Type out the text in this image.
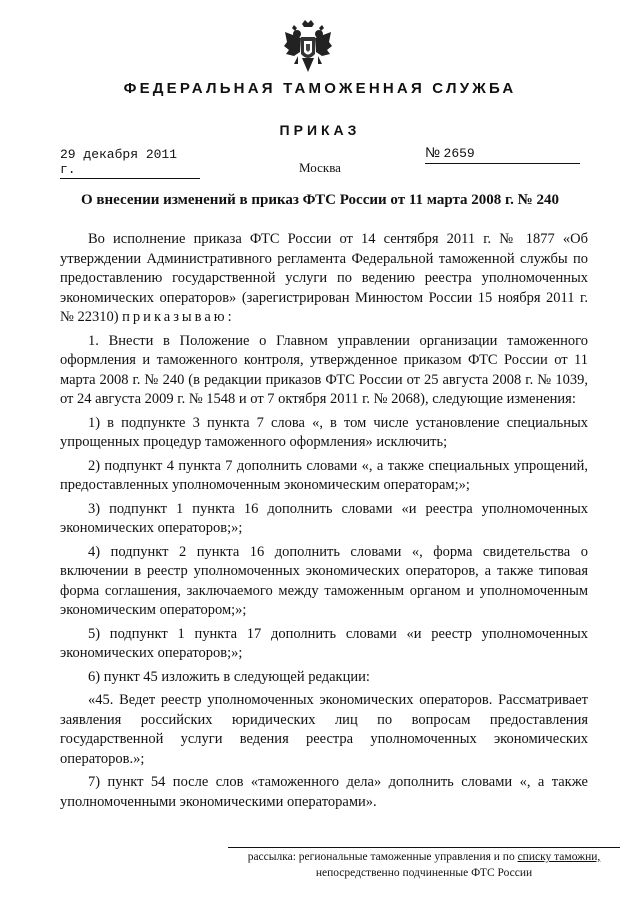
ФЕДЕРАЛЬНАЯ ТАМОЖЕННАЯ СЛУЖБА
ПРИКАЗ
29 декабря 2011 г.
№ 2659
Москва
О внесении изменений в приказ ФТС России от 11 марта 2008 г. № 240

Во исполнение приказа ФТС России от 14 сентября 2011 г. № 1877 «Об утверждении Административного регламента Федеральной таможенной службы по предоставлению государственной услуги по ведению реестра уполномоченных экономических операторов» (зарегистрирован Минюстом России 15 ноября 2011 г. № 22310) приказываю:

1. Внести в Положение о Главном управлении организации таможенного оформления и таможенного контроля, утвержденное приказом ФТС России от 11 марта 2008 г. № 240 (в редакции приказов ФТС России от 25 августа 2008 г. № 1039, от 24 августа 2009 г. № 1548 и от 7 октября 2011 г. № 2068), следующие изменения:

1) в подпункте 3 пункта 7 слова «, в том числе установление специальных упрощенных процедур таможенного оформления» исключить;

2) подпункт 4 пункта 7 дополнить словами «, а также специальных упрощений, предоставленных уполномоченным экономическим операторам;»;

3) подпункт 1 пункта 16 дополнить словами «и реестра уполномоченных экономических операторов;»;

4) подпункт 2 пункта 16 дополнить словами «, форма свидетельства о включении в реестр уполномоченных экономических операторов, а также типовая форма соглашения, заключаемого между таможенным органом и уполномоченным экономическим оператором;»;

5) подпункт 1 пункта 17 дополнить словами «и реестр уполномоченных экономических операторов;»;

6) пункт 45 изложить в следующей редакции:

«45. Ведет реестр уполномоченных экономических операторов. Рассматривает заявления российских юридических лиц по вопросам предоставления государственной услуги ведения реестра уполномоченных экономических операторов.»;

7) пункт 54 после слов «таможенного дела» дополнить словами «, а также уполномоченными экономическими операторами».

рассылка: региональные таможенные управления и по списку таможни,
непосредственно подчиненные ФТС России
